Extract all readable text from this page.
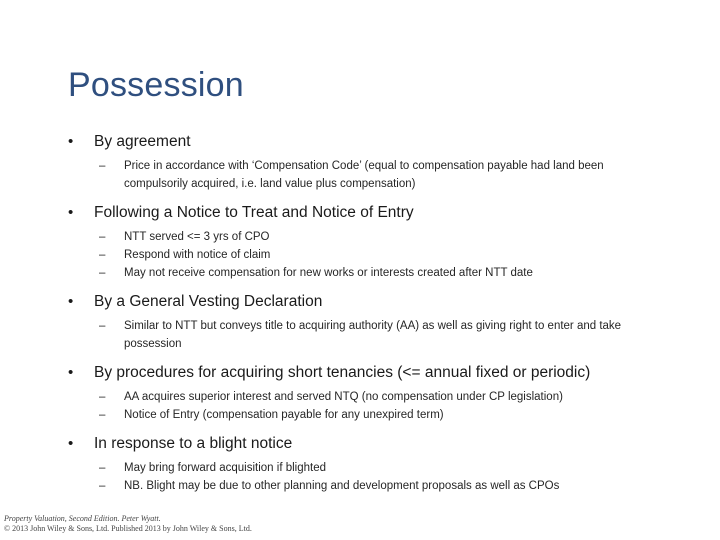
Possession
• By agreement
– Price in accordance with ‘Compensation Code’ (equal to compensation payable had land been compulsorily acquired, i.e. land value plus compensation)
• Following a Notice to Treat and Notice of Entry
– NTT served <= 3 yrs of CPO
– Respond with notice of claim
– May not receive compensation for new works or interests created after NTT date
• By a General Vesting Declaration
– Similar to NTT but conveys title to acquiring authority (AA) as well as giving right to enter and take possession
• By procedures for acquiring short tenancies (<= annual fixed or periodic)
– AA acquires superior interest and served NTQ (no compensation under CP legislation)
– Notice of Entry (compensation payable for any unexpired term)
• In response to a blight notice
– May bring forward acquisition if blighted
– NB. Blight may be due to other planning and development proposals as well as CPOs
Property Valuation, Second Edition. Peter Wyatt.
© 2013 John Wiley & Sons, Ltd. Published 2013 by John Wiley & Sons, Ltd.
